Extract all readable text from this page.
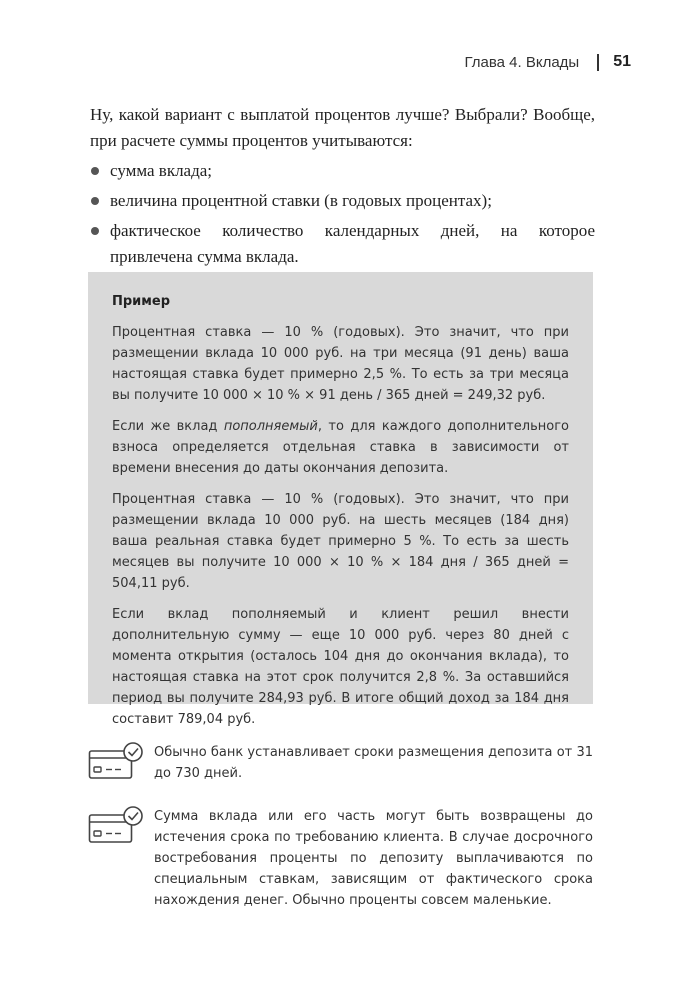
Глава 4. Вклады 51

Ну, какой вариант с выплатой процентов лучше? Выбрали? Вообще, при расчете суммы процентов учитываются:

сумма вклада;
величина процентной ставки (в годовых процентах);
фактическое количество календарных дней, на которое привлечена сумма вклада.
Пример

Процентная ставка — 10 % (годовых). Это значит, что при размещении вклада 10 000 руб. на три месяца (91 день) ваша настоящая ставка будет примерно 2,5 %. То есть за три месяца вы получите 10 000 × 10 % × 91 день / 365 дней = 249,32 руб.

Если же вклад пополняемый, то для каждого дополнительного взноса определяется отдельная ставка в зависимости от времени внесения до даты окончания депозита.

Процентная ставка — 10 % (годовых). Это значит, что при размещении вклада 10 000 руб. на шесть месяцев (184 дня) ваша реальная ставка будет примерно 5 %. То есть за шесть месяцев вы получите 10 000 × 10 % × 184 дня / 365 дней = 504,11 руб.

Если вклад пополняемый и клиент решил внести дополнительную сумму — еще 10 000 руб. через 80 дней с момента открытия (осталось 104 дня до окончания вклада), то настоящая ставка на этот срок получится 2,8 %. За оставшийся период вы получите 284,93 руб. В итоге общий доход за 184 дня составит 789,04 руб.

Обычно банк устанавливает сроки размещения депозита от 31 до 730 дней.
Сумма вклада или его часть могут быть возвращены до истечения срока по требованию клиента. В случае досрочного востребования проценты по депозиту выплачиваются по специальным ставкам, зависящим от фактического срока нахождения денег. Обычно проценты совсем маленькие.
